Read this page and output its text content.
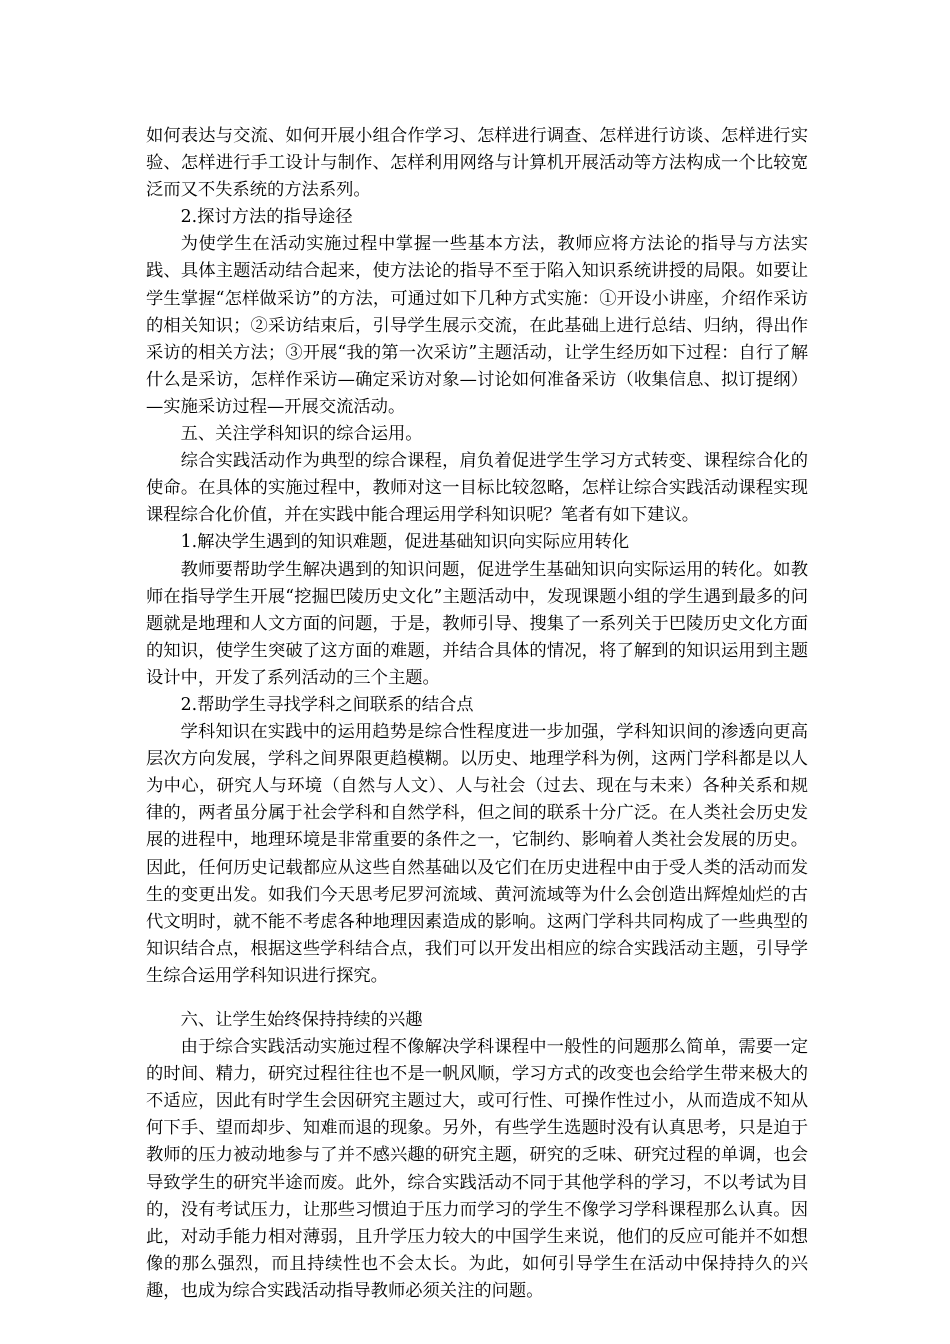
如何表达与交流、如何开展小组合作学习、怎样进行调查、怎样进行访谈、怎样进行实验、怎样进行手工设计与制作、怎样利用网络与计算机开展活动等方法构成一个比较宽泛而又不失系统的方法系列。

2.探讨方法的指导途径

为使学生在活动实施过程中掌握一些基本方法，教师应将方法论的指导与方法实践、具体主题活动结合起来，使方法论的指导不至于陷入知识系统讲授的局限。如要让学生掌握“怎样做采访”的方法，可通过如下几种方式实施：①开设小讲座，介绍作采访的相关知识；②采访结束后，引导学生展示交流，在此基础上进行总结、归纳，得出作采访的相关方法；③开展“我的第一次采访”主题活动，让学生经历如下过程：自行了解什么是采访，怎样作采访—确定采访对象—讨论如何准备采访（收集信息、拟订提纲）—实施采访过程—开展交流活动。

五、关注学科知识的综合运用。

综合实践活动作为典型的综合课程，肩负着促进学生学习方式转变、课程综合化的使命。在具体的实施过程中，教师对这一目标比较忽略，怎样让综合实践活动课程实现课程综合化价值，并在实践中能合理运用学科知识呢？笔者有如下建议。

1.解决学生遇到的知识难题，促进基础知识向实际应用转化

教师要帮助学生解决遇到的知识问题，促进学生基础知识向实际运用的转化。如教师在指导学生开展“挖掘巴陵历史文化”主题活动中，发现课题小组的学生遇到最多的问题就是地理和人文方面的问题，于是，教师引导、搜集了一系列关于巴陵历史文化方面的知识，使学生突破了这方面的难题，并结合具体的情况，将了解到的知识运用到主题设计中，开发了系列活动的三个主题。

2.帮助学生寻找学科之间联系的结合点

学科知识在实践中的运用趋势是综合性程度进一步加强，学科知识间的渗透向更高层次方向发展，学科之间界限更趋模糊。以历史、地理学科为例，这两门学科都是以人为中心，研究人与环境（自然与人文）、人与社会（过去、现在与未来）各种关系和规律的，两者虽分属于社会学科和自然学科，但之间的联系十分广泛。在人类社会历史发展的进程中，地理环境是非常重要的条件之一，它制约、影响着人类社会发展的历史。因此，任何历史记载都应从这些自然基础以及它们在历史进程中由于受人类的活动而发生的变更出发。如我们今天思考尼罗河流域、黄河流域等为什么会创造出辉煌灿烂的古代文明时，就不能不考虑各种地理因素造成的影响。这两门学科共同构成了一些典型的知识结合点，根据这些学科结合点，我们可以开发出相应的综合实践活动主题，引导学生综合运用学科知识进行探究。

六、让学生始终保持持续的兴趣

由于综合实践活动实施过程不像解决学科课程中一般性的问题那么简单，需要一定的时间、精力，研究过程往往也不是一帆风顺，学习方式的改变也会给学生带来极大的不适应，因此有时学生会因研究主题过大，或可行性、可操作性过小，从而造成不知从何下手、望而却步、知难而退的现象。另外，有些学生选题时没有认真思考，只是迫于教师的压力被动地参与了并不感兴趣的研究主题，研究的乏味、研究过程的单调，也会导致学生的研究半途而废。此外，综合实践活动不同于其他学科的学习，不以考试为目的，没有考试压力，让那些习惯迫于压力而学习的学生不像学习学科课程那么认真。因此，对动手能力相对薄弱，且升学压力较大的中国学生来说，他们的反应可能并不如想像的那么强烈，而且持续性也不会太长。为此，如何引导学生在活动中保持持久的兴趣，也成为综合实践活动指导教师必须关注的问题。
